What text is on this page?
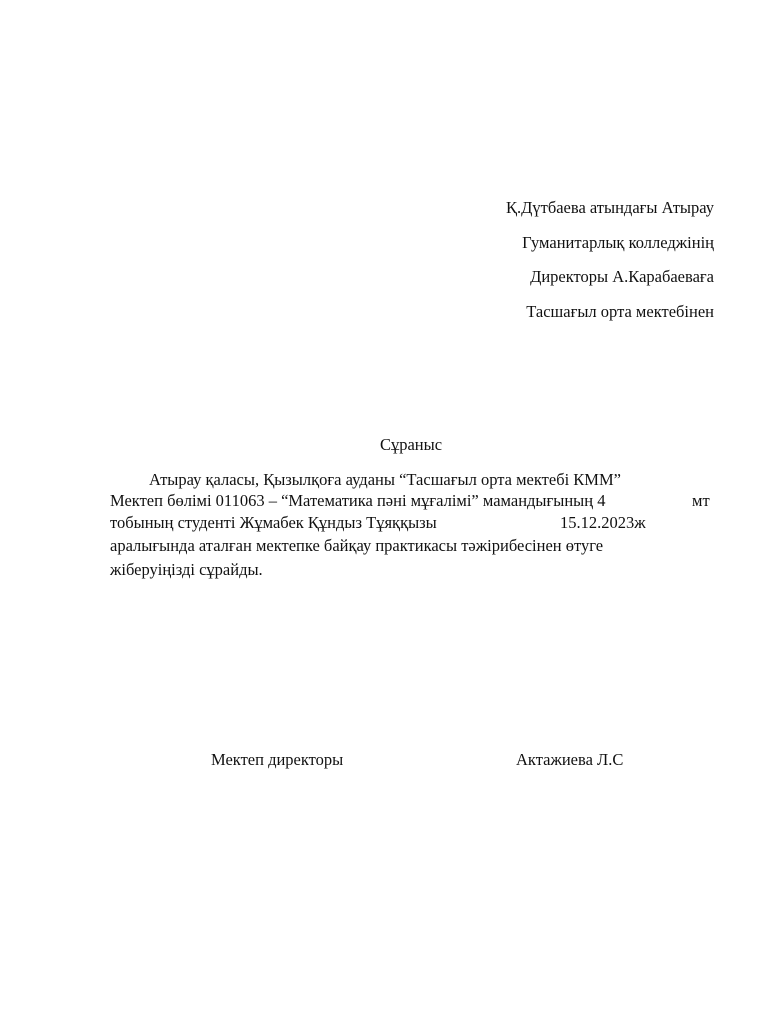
Қ.Дүтбаева атындағы Атырау
Гуманитарлық колледжінің
Директоры А.Карабаеваға
Тасшағыл орта мектебінен
Сұраныс
Атырау қаласы, Қызылқоға ауданы “Тасшағыл орта мектебі КММ”
Мектеп бөлімі 011063 – “Математика пәні мұғалімі” мамандығының 4	мт
тобының студенті Жұмабек Құндыз Тұяққызы	15.12.2023ж
аралығында аталған мектепке байқау практикасы тәжірибесінен өтуге
жіберуіңізді сұрайды.
Мектеп директоры	Актажиева Л.С
